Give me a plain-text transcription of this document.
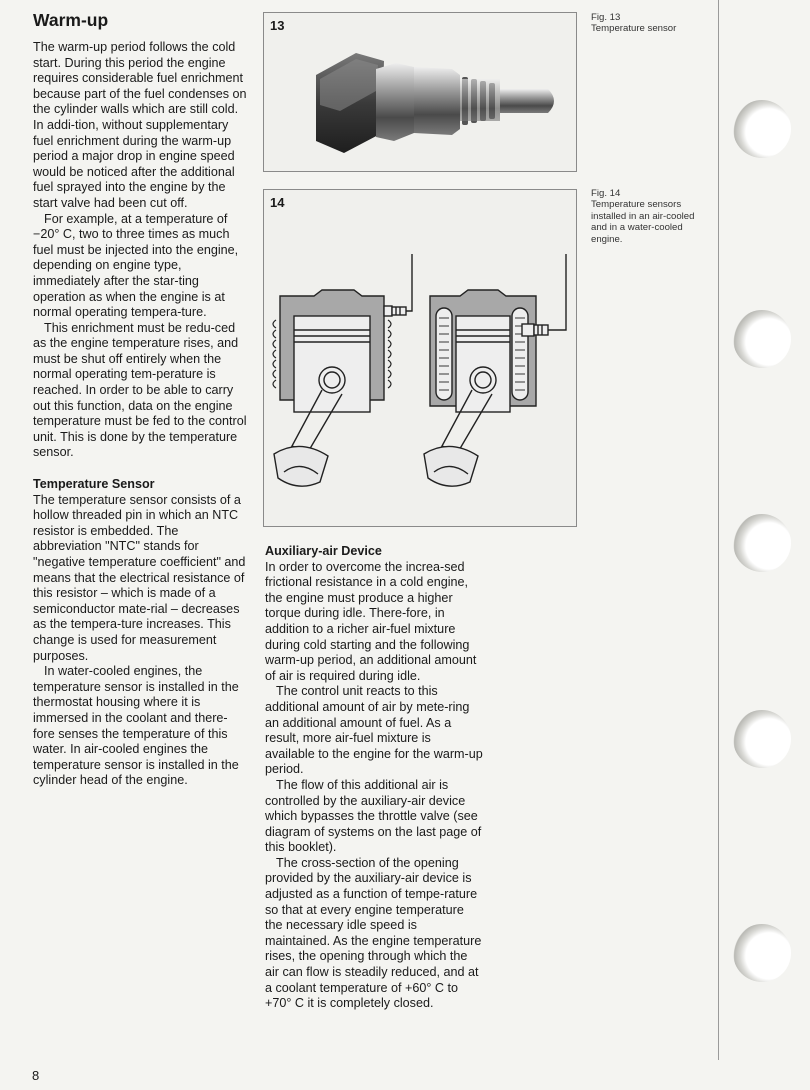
Warm-up

The warm-up period follows the cold start. During this period the engine requires considerable fuel enrichment because part of the fuel condenses on the cylinder walls which are still cold. In addi-tion, without supplementary fuel enrichment during the warm-up period a major drop in engine speed would be noticed after the additional fuel sprayed into the engine by the start valve had been cut off.

For example, at a temperature of −20° C, two to three times as much fuel must be injected into the engine, depending on engine type, immediately after the star-ting operation as when the engine is at normal operating tempera-ture.

This enrichment must be redu-ced as the engine temperature rises, and must be shut off entirely when the normal operating tem-perature is reached. In order to be able to carry out this function, data on the engine temperature must be fed to the control unit. This is done by the temperature sensor.

Temperature Sensor

The temperature sensor consists of a hollow threaded pin in which an NTC resistor is embedded. The abbreviation "NTC" stands for "negative temperature coefficient" and means that the electrical resistance of this resistor – which is made of a semiconductor mate-rial – decreases as the tempera-ture increases. This change is used for measurement purposes.

In water-cooled engines, the temperature sensor is installed in the thermostat housing where it is immersed in the coolant and there-fore senses the temperature of this water. In air-cooled engines the temperature sensor is installed in the cylinder head of the engine.

13
14

Auxiliary-air Device

In order to overcome the increa-sed frictional resistance in a cold engine, the engine must produce a higher torque during idle. There-fore, in addition to a richer air-fuel mixture during cold starting and the following warm-up period, an additional amount of air is required during idle.

The control unit reacts to this additional amount of air by mete-ring an additional amount of fuel. As a result, more air-fuel mixture is available to the engine for the warm-up period.

The flow of this additional air is controlled by the auxiliary-air device which bypasses the throttle valve (see diagram of systems on the last page of this booklet).

The cross-section of the opening provided by the auxiliary-air device is adjusted as a function of tempe-rature so that at every engine temperature the necessary idle speed is maintained. As the engine temperature rises, the opening through which the air can flow is steadily reduced, and at a coolant temperature of +60° C to +70° C it is completely closed.

Fig. 13
Temperature sensor
Fig. 14
Temperature sensors installed in an air-cooled and in a water-cooled engine.
8
